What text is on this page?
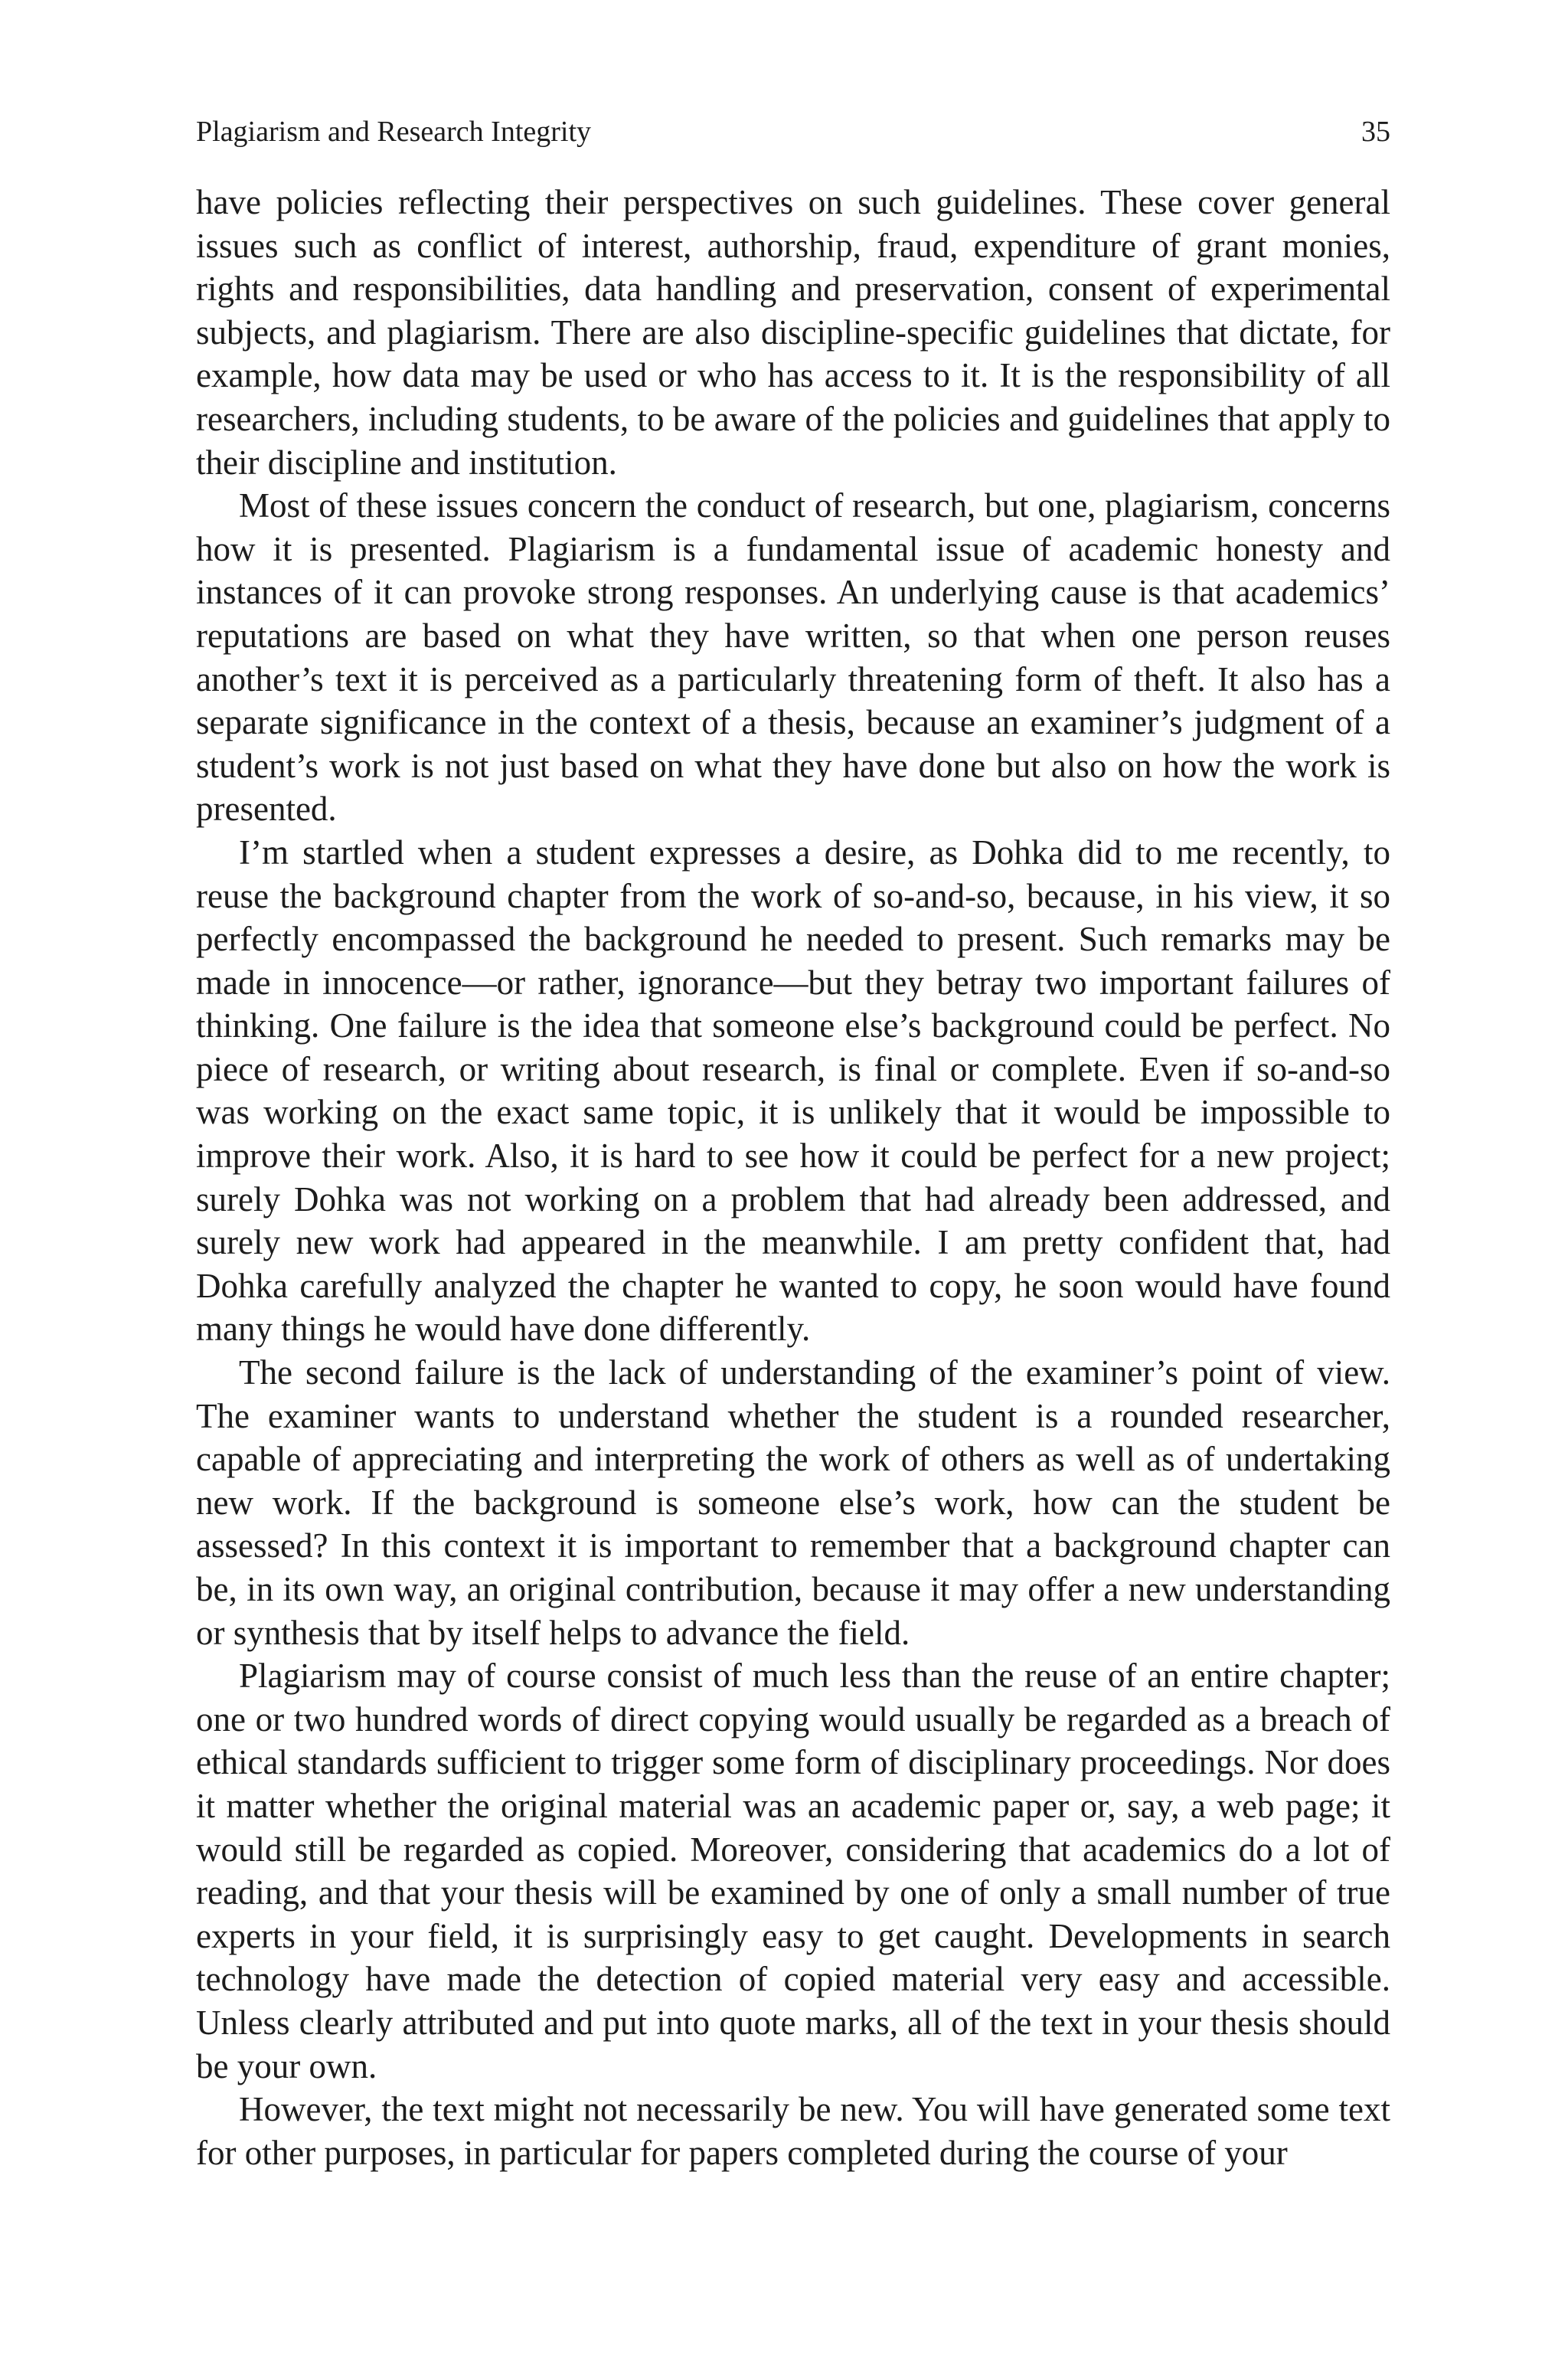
Plagiarism and Research Integrity	35

have policies reflecting their perspectives on such guidelines. These cover general issues such as conflict of interest, authorship, fraud, expenditure of grant monies, rights and responsibilities, data handling and preservation, consent of experimental subjects, and plagiarism. There are also discipline-specific guidelines that dictate, for example, how data may be used or who has access to it. It is the responsibility of all researchers, including students, to be aware of the policies and guidelines that apply to their discipline and institution.

Most of these issues concern the conduct of research, but one, plagiarism, concerns how it is presented. Plagiarism is a fundamental issue of academic honesty and instances of it can provoke strong responses. An underlying cause is that academics’ reputations are based on what they have written, so that when one person reuses another’s text it is perceived as a particularly threatening form of theft. It also has a separate significance in the context of a thesis, because an examiner’s judgment of a student’s work is not just based on what they have done but also on how the work is presented.

I’m startled when a student expresses a desire, as Dohka did to me recently, to reuse the background chapter from the work of so-and-so, because, in his view, it so perfectly encompassed the background he needed to present. Such remarks may be made in innocence—or rather, ignorance—but they betray two important failures of thinking. One failure is the idea that someone else’s background could be perfect. No piece of research, or writing about research, is final or complete. Even if so-and-so was working on the exact same topic, it is unlikely that it would be impossible to improve their work. Also, it is hard to see how it could be perfect for a new project; surely Dohka was not working on a problem that had already been addressed, and surely new work had appeared in the meanwhile. I am pretty confident that, had Dohka carefully analyzed the chapter he wanted to copy, he soon would have found many things he would have done differently.

The second failure is the lack of understanding of the examiner’s point of view. The examiner wants to understand whether the student is a rounded researcher, capable of appreciating and interpreting the work of others as well as of undertaking new work. If the background is someone else’s work, how can the student be assessed? In this context it is important to remember that a background chapter can be, in its own way, an original contribution, because it may offer a new understanding or synthesis that by itself helps to advance the field.

Plagiarism may of course consist of much less than the reuse of an entire chapter; one or two hundred words of direct copying would usually be regarded as a breach of ethical standards sufficient to trigger some form of disciplinary proceedings. Nor does it matter whether the original material was an academic paper or, say, a web page; it would still be regarded as copied. Moreover, considering that academics do a lot of reading, and that your thesis will be examined by one of only a small number of true experts in your field, it is surprisingly easy to get caught. Developments in search technology have made the detection of copied material very easy and accessible. Unless clearly attributed and put into quote marks, all of the text in your thesis should be your own.

However, the text might not necessarily be new. You will have generated some text for other purposes, in particular for papers completed during the course of your
